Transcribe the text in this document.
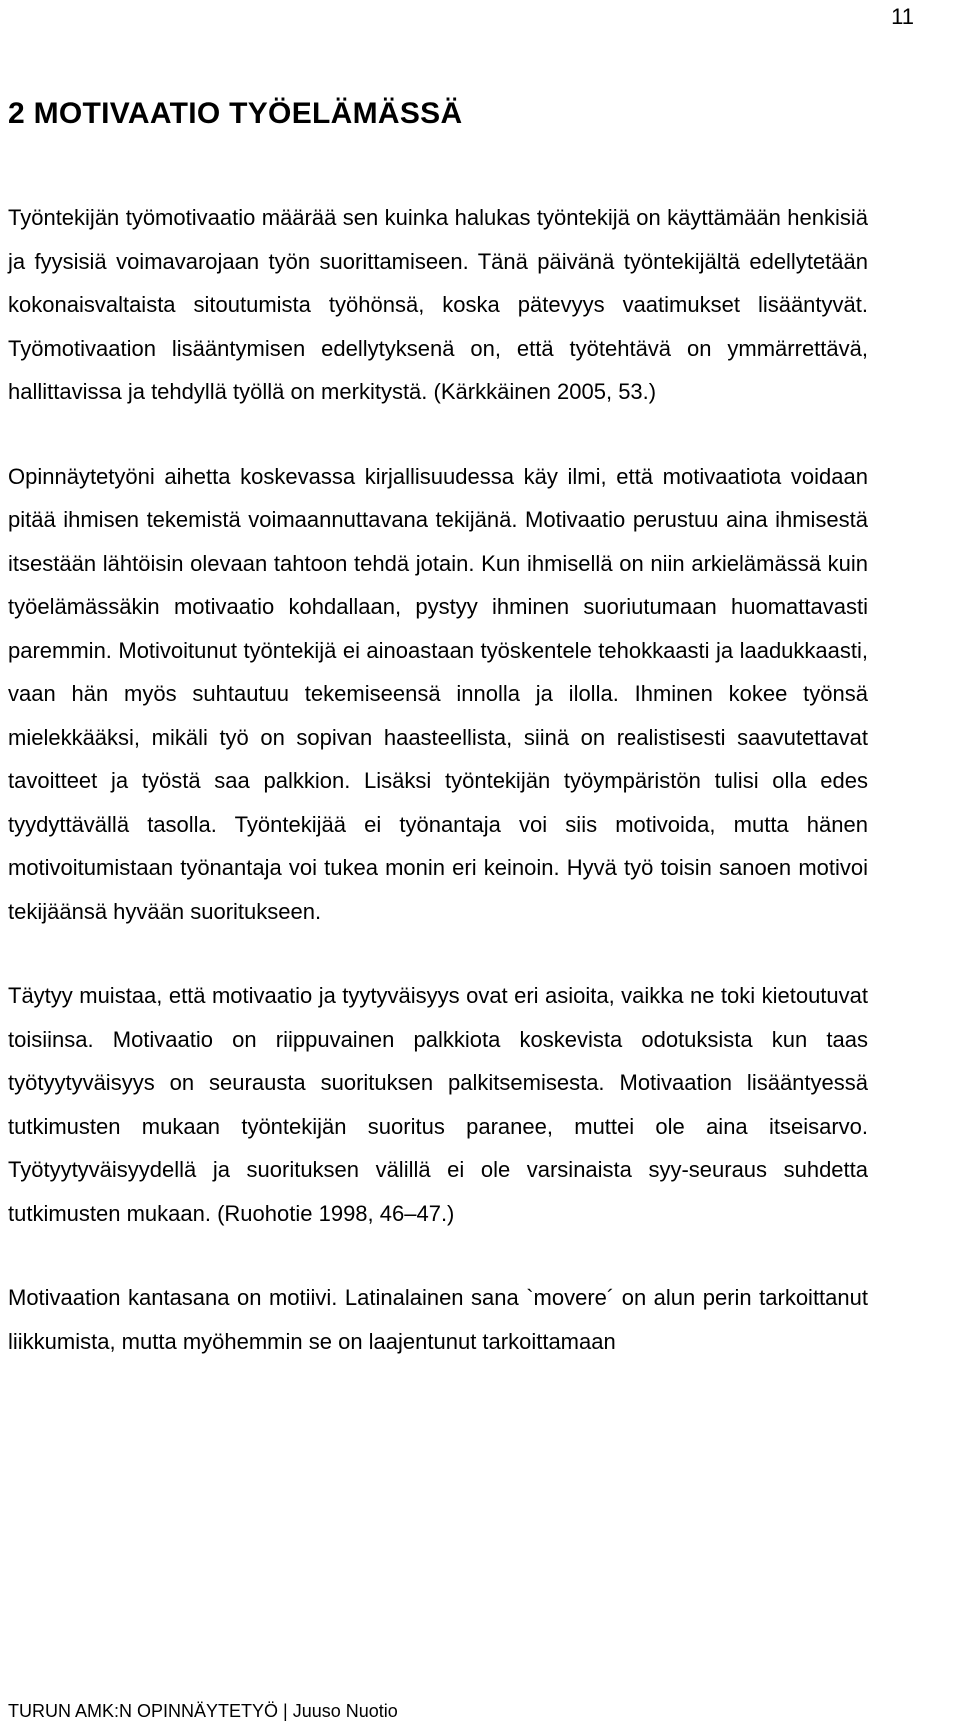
11
2 MOTIVAATIO TYÖELÄMÄSSÄ

Työntekijän työmotivaatio määrää sen kuinka halukas työntekijä on käyttämään henkisiä ja fyysisiä voimavarojaan työn suorittamiseen. Tänä päivänä työntekijältä edellytetään kokonaisvaltaista sitoutumista työhönsä, koska pätevyys vaatimukset lisääntyvät. Työmotivaation lisääntymisen edellytyksenä on, että työtehtävä on ymmärrettävä, hallittavissa ja tehdyllä työllä on merkitystä. (Kärkkäinen 2005, 53.)

Opinnäytetyöni aihetta koskevassa kirjallisuudessa käy ilmi, että motivaatiota voidaan pitää ihmisen tekemistä voimaannuttavana tekijänä. Motivaatio perustuu aina ihmisestä itsestään lähtöisin olevaan tahtoon tehdä jotain. Kun ihmisellä on niin arkielämässä kuin työelämässäkin motivaatio kohdallaan, pystyy ihminen suoriutumaan huomattavasti paremmin. Motivoitunut työntekijä ei ainoastaan työskentele tehokkaasti ja laadukkaasti, vaan hän myös suhtautuu tekemiseensä innolla ja ilolla. Ihminen kokee työnsä mielekkääksi, mikäli työ on sopivan haasteellista, siinä on realistisesti saavutettavat tavoitteet ja työstä saa palkkion. Lisäksi työntekijän työympäristön tulisi olla edes tyydyttävällä tasolla. Työntekijää ei työnantaja voi siis motivoida, mutta hänen motivoitumistaan työnantaja voi tukea monin eri keinoin. Hyvä työ toisin sanoen motivoi tekijäänsä hyvään suoritukseen.

Täytyy muistaa, että motivaatio ja tyytyväisyys ovat eri asioita, vaikka ne toki kietoutuvat toisiinsa. Motivaatio on riippuvainen palkkiota koskevista odotuksista kun taas työtyytyväisyys on seurausta suorituksen palkitsemisesta. Motivaation lisääntyessä tutkimusten mukaan työntekijän suoritus paranee, muttei ole aina itseisarvo. Työtyytyväisyydellä ja suorituksen välillä ei ole varsinaista syy-seuraus suhdetta tutkimusten mukaan. (Ruohotie 1998, 46–47.)

Motivaation kantasana on motiivi. Latinalainen sana `movere´ on alun perin tarkoittanut liikkumista, mutta myöhemmin se on laajentunut tarkoittamaan

TURUN AMK:N OPINNÄYTETYÖ | Juuso Nuotio
